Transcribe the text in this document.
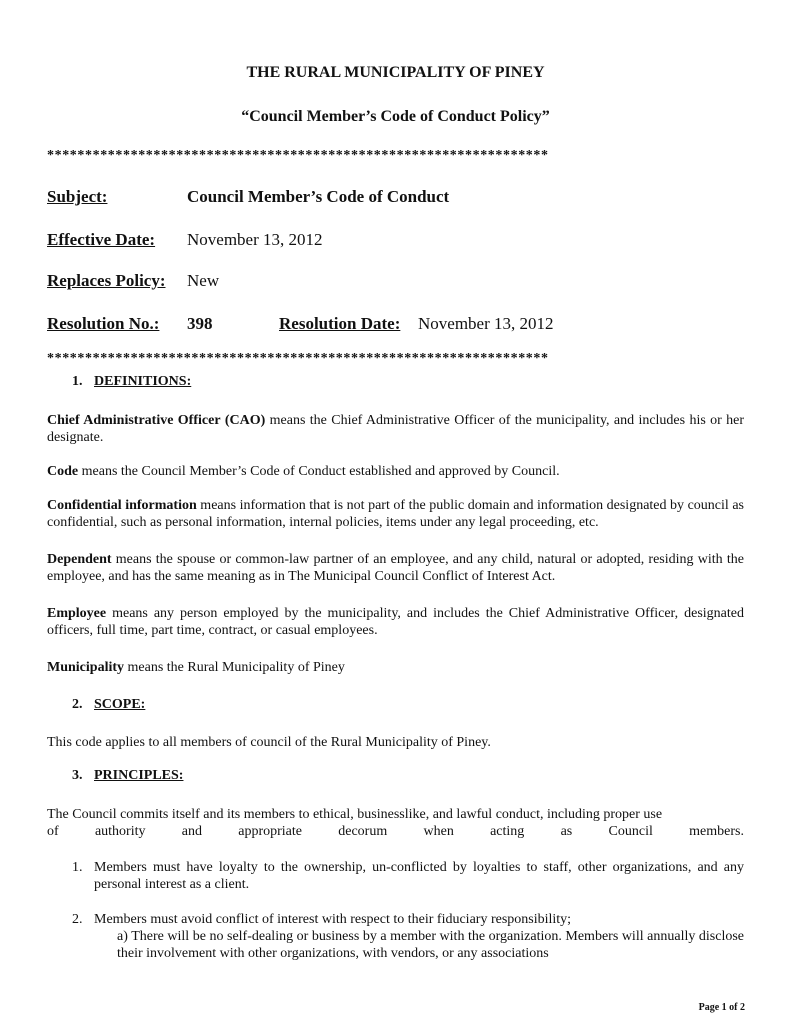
THE RURAL MUNICIPALITY OF PINEY
“Council Member’s Code of Conduct Policy”
******************************************************************
Subject:	Council Member’s Code of Conduct
Effective Date: November 13, 2012
Replaces Policy: New
Resolution No.: 398	Resolution Date: November 13, 2012
******************************************************************
1. DEFINITIONS:
Chief Administrative Officer (CAO) means the Chief Administrative Officer of the municipality, and includes his or her designate.
Code means the Council Member’s Code of Conduct established and approved by Council.
Confidential information means information that is not part of the public domain and information designated by council as confidential, such as personal information, internal policies, items under any legal proceeding, etc.
Dependent means the spouse or common-law partner of an employee, and any child, natural or adopted, residing with the employee, and has the same meaning as in The Municipal Council Conflict of Interest Act.
Employee means any person employed by the municipality, and includes the Chief Administrative Officer, designated officers, full time, part time, contract, or casual employees.
Municipality means the Rural Municipality of Piney
2. SCOPE:
This code applies to all members of council of the Rural Municipality of Piney.
3. PRINCIPLES:
The Council commits itself and its members to ethical, businesslike, and lawful conduct, including proper use
of	authority	and	appropriate	decorum	when	acting	as	Council	members.
1. Members must have loyalty to the ownership, un-conflicted by loyalties to staff, other organizations, and any personal interest as a client.
2. Members must avoid conflict of interest with respect to their fiduciary responsibility;
a) There will be no self-dealing or business by a member with the organization. Members will annually disclose their involvement with other organizations, with vendors, or any associations
Page 1 of 2
